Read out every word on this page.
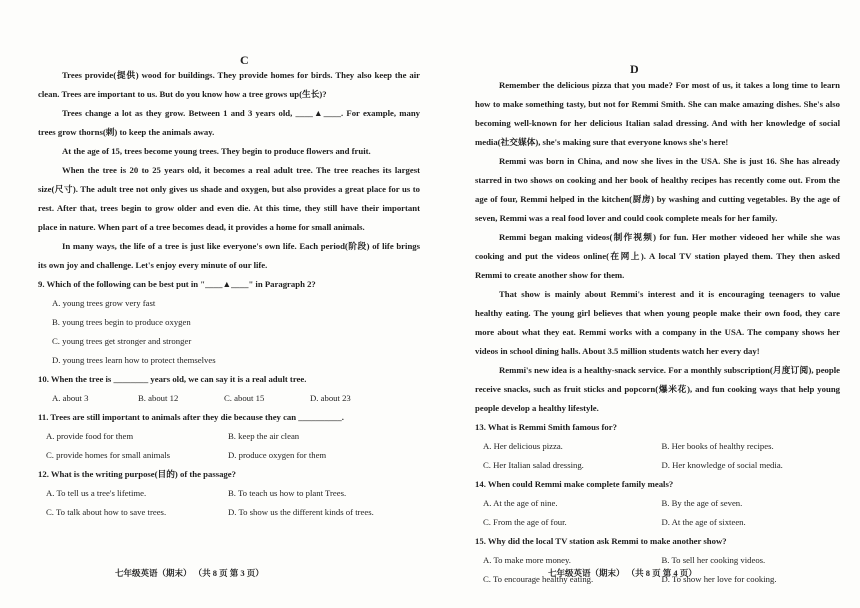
C

Trees provide(提供) wood for buildings. They provide homes for birds. They also keep the air clean. Trees are important to us. But do you know how a tree grows up(生长)?

Trees change a lot as they grow. Between 1 and 3 years old, ____▲____. For example, many trees grow thorns(刺) to keep the animals away.

At the age of 15, trees become young trees. They begin to produce flowers and fruit.

When the tree is 20 to 25 years old, it becomes a real adult tree. The tree reaches its largest size(尺寸). The adult tree not only gives us shade and oxygen, but also provides a great place for us to rest. After that, trees begin to grow older and even die. At this time, they still have their important place in nature. When part of a tree becomes dead, it provides a home for small animals.

In many ways, the life of a tree is just like everyone's own life. Each period(阶段) of life brings its own joy and challenge. Let's enjoy every minute of our life.

9. Which of the following can be best put in "____▲____" in Paragraph 2?
A. young trees grow very fast
B. young trees begin to produce oxygen
C. young trees get stronger and stronger
D. young trees learn how to protect themselves
10. When the tree is ________ years old, we can say it is a real adult tree.
A. about 3	B. about 12	C. about 15	D. about 23
11. Trees are still important to animals after they die because they can __________.
A. provide food for them	B. keep the air clean
C. provide homes for small animals	D. produce oxygen for them
12. What is the writing purpose(目的) of the passage?
A. To tell us a tree's lifetime.	B. To teach us how to plant Trees.
C. To talk about how to save trees.	D. To show us the different kinds of trees.
七年级英语（期末） （共 8 页 第 3 页）
D

Remember the delicious pizza that you made? For most of us, it takes a long time to learn how to make something tasty, but not for Remmi Smith. She can make amazing dishes. She's also becoming well-known for her delicious Italian salad dressing. And with her knowledge of social media(社交媒体), she's making sure that everyone knows she's here!

Remmi was born in China, and now she lives in the USA. She is just 16. She has already starred in two shows on cooking and her book of healthy recipes has recently come out. From the age of four, Remmi helped in the kitchen(厨房) by washing and cutting vegetables. By the age of seven, Remmi was a real food lover and could cook complete meals for her family.

Remmi began making videos(制作视频) for fun. Her mother videoed her while she was cooking and put the videos online(在网上). A local TV station played them. They then asked Remmi to create another show for them.

That show is mainly about Remmi's interest and it is encouraging teenagers to value healthy eating. The young girl believes that when young people make their own food, they care more about what they eat. Remmi works with a company in the USA. The company shows her videos in school dining halls. About 3.5 million students watch her every day!

Remmi's new idea is a healthy-snack service. For a monthly subscription(月度订阅), people receive snacks, such as fruit sticks and popcorn(爆米花), and fun cooking ways that help young people develop a healthy lifestyle.

13. What is Remmi Smith famous for?
A. Her delicious pizza.	B. Her books of healthy recipes.
C. Her Italian salad dressing.	D. Her knowledge of social media.
14. When could Remmi make complete family meals?
A. At the age of nine.	B. By the age of seven.
C. From the age of four.	D. At the age of sixteen.
15. Why did the local TV station ask Remmi to make another show?
A. To make more money.	B. To sell her cooking videos.
C. To encourage healthy eating.	D. To show her love for cooking.
七年级英语（期末） （共 8 页 第 4 页）
